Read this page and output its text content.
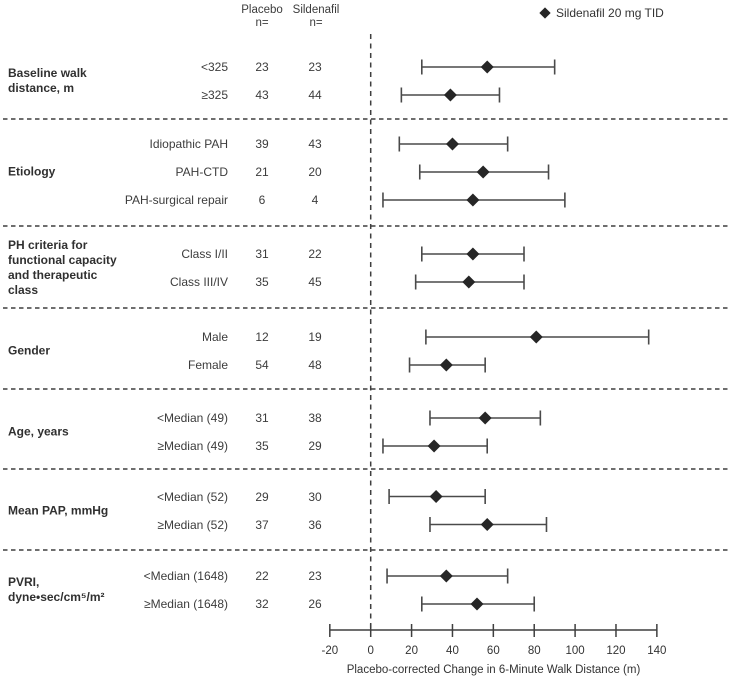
Placebo
n=
Sildenafil
n=
Sildenafil 20 mg TID
-20	0	20	40	60	80	100	120	140
Baseline walk
distance, m
<325	23	23
≥325	43	44
Etiology
Idiopathic PAH	39	43
PAH-CTD	21	20
PAH-surgical repair	6	4
PH criteria for
functional capacity
and therapeutic
class
Class I/II	31	22
Class III/IV	35	45
Gender
Male	12	19
Female	54	48
Age, years
<Median (49)	31	38
≥Median (49)	35	29
Mean PAP, mmHg
<Median (52)	29	30
≥Median (52)	37	36
PVRI,
dyne•sec/cm⁵/m²
<Median (1648)	22	23
≥Median (1648)	32	26
Placebo-corrected Change in 6-Minute Walk Distance (m)
